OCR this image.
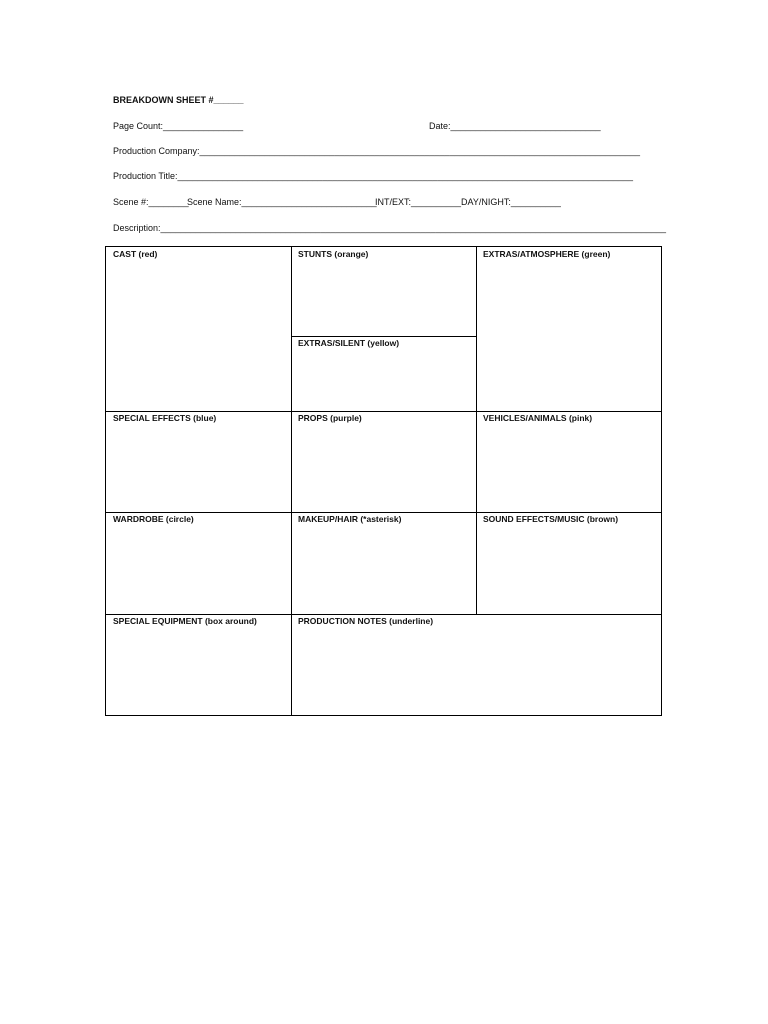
BREAKDOWN SHEET #______
Page Count:________________	Date:______________________________
Production Company:________________________________________________________________________________________
Production Title:___________________________________________________________________________________________
Scene #:________
Scene Name:___________________________
INT/EXT:__________ DAY/NIGHT:__________
Description:_____________________________________________________________________________________________________
CAST (red)	STUNTS (orange)	EXTRAS/ATMOSPHERE (green)
EXTRAS/SILENT (yellow)
SPECIAL EFFECTS (blue)	PROPS (purple)	VEHICLES/ANIMALS (pink)
WARDROBE (circle)	MAKEUP/HAIR (*asterisk)	SOUND EFFECTS/MUSIC (brown)
SPECIAL EQUIPMENT (box around)	PRODUCTION NOTES (underline)
